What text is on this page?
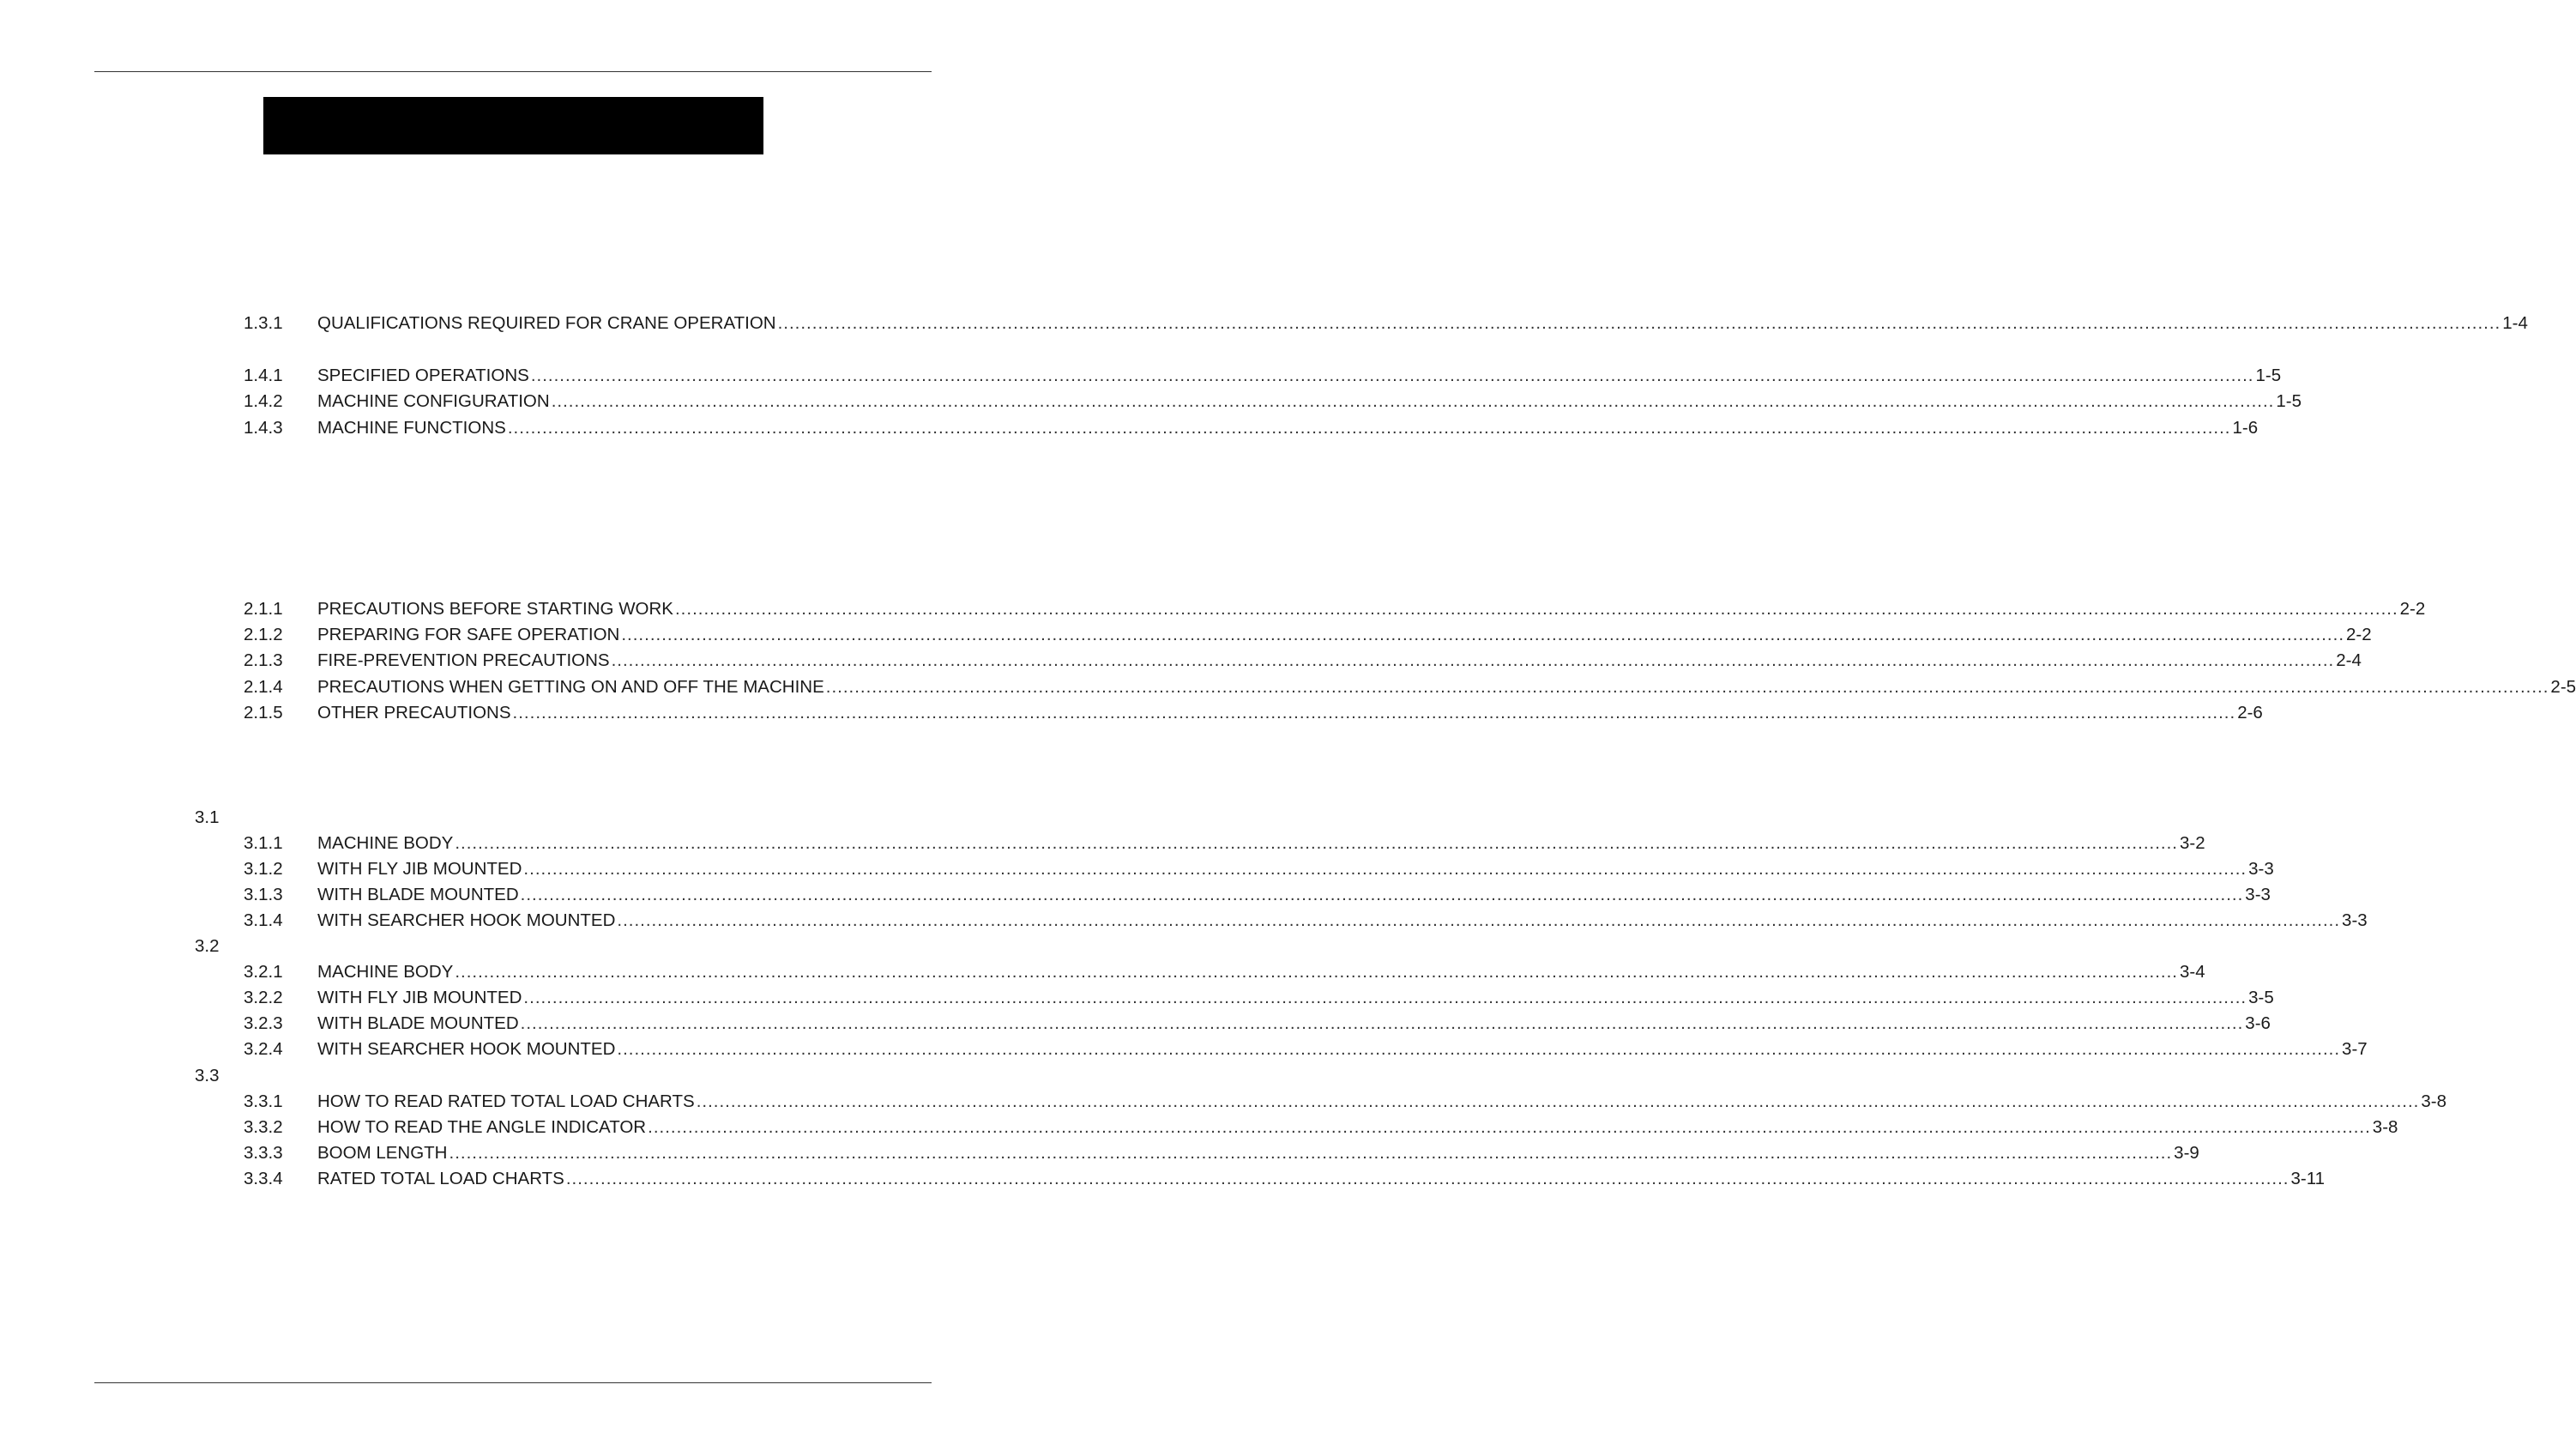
1.3.1	QUALIFICATIONS REQUIRED FOR CRANE OPERATION ............................................................................................................................................................................................................................................................................................................ 1-4
1.4.1	SPECIFIED OPERATIONS ............................................................................................................................................................................................................................................................................................................ 1-5
1.4.2	MACHINE CONFIGURATION ............................................................................................................................................................................................................................................................................................................ 1-5
1.4.3	MACHINE FUNCTIONS ............................................................................................................................................................................................................................................................................................................ 1-6
2.1.1	PRECAUTIONS BEFORE STARTING WORK ............................................................................................................................................................................................................................................................................................................ 2-2
2.1.2	PREPARING FOR SAFE OPERATION ............................................................................................................................................................................................................................................................................................................ 2-2
2.1.3	FIRE-PREVENTION PRECAUTIONS ............................................................................................................................................................................................................................................................................................................ 2-4
2.1.4	PRECAUTIONS WHEN GETTING ON AND OFF THE MACHINE ............................................................................................................................................................................................................................................................................................................ 2-5
2.1.5	OTHER PRECAUTIONS ............................................................................................................................................................................................................................................................................................................ 2-6
3.1
3.1.1	MACHINE BODY ............................................................................................................................................................................................................................................................................................................ 3-2
3.1.2	WITH FLY JIB MOUNTED ............................................................................................................................................................................................................................................................................................................ 3-3
3.1.3	WITH BLADE MOUNTED ............................................................................................................................................................................................................................................................................................................ 3-3
3.1.4	WITH SEARCHER HOOK MOUNTED ............................................................................................................................................................................................................................................................................................................ 3-3
3.2
3.2.1	MACHINE BODY ............................................................................................................................................................................................................................................................................................................ 3-4
3.2.2	WITH FLY JIB MOUNTED ............................................................................................................................................................................................................................................................................................................ 3-5
3.2.3	WITH BLADE MOUNTED ............................................................................................................................................................................................................................................................................................................ 3-6
3.2.4	WITH SEARCHER HOOK MOUNTED ............................................................................................................................................................................................................................................................................................................ 3-7
3.3
3.3.1	HOW TO READ RATED TOTAL LOAD CHARTS ............................................................................................................................................................................................................................................................................................................ 3-8
3.3.2	HOW TO READ THE ANGLE INDICATOR ............................................................................................................................................................................................................................................................................................................ 3-8
3.3.3	BOOM LENGTH ............................................................................................................................................................................................................................................................................................................ 3-9
3.3.4	RATED TOTAL LOAD CHARTS ............................................................................................................................................................................................................................................................................................................ 3-11
